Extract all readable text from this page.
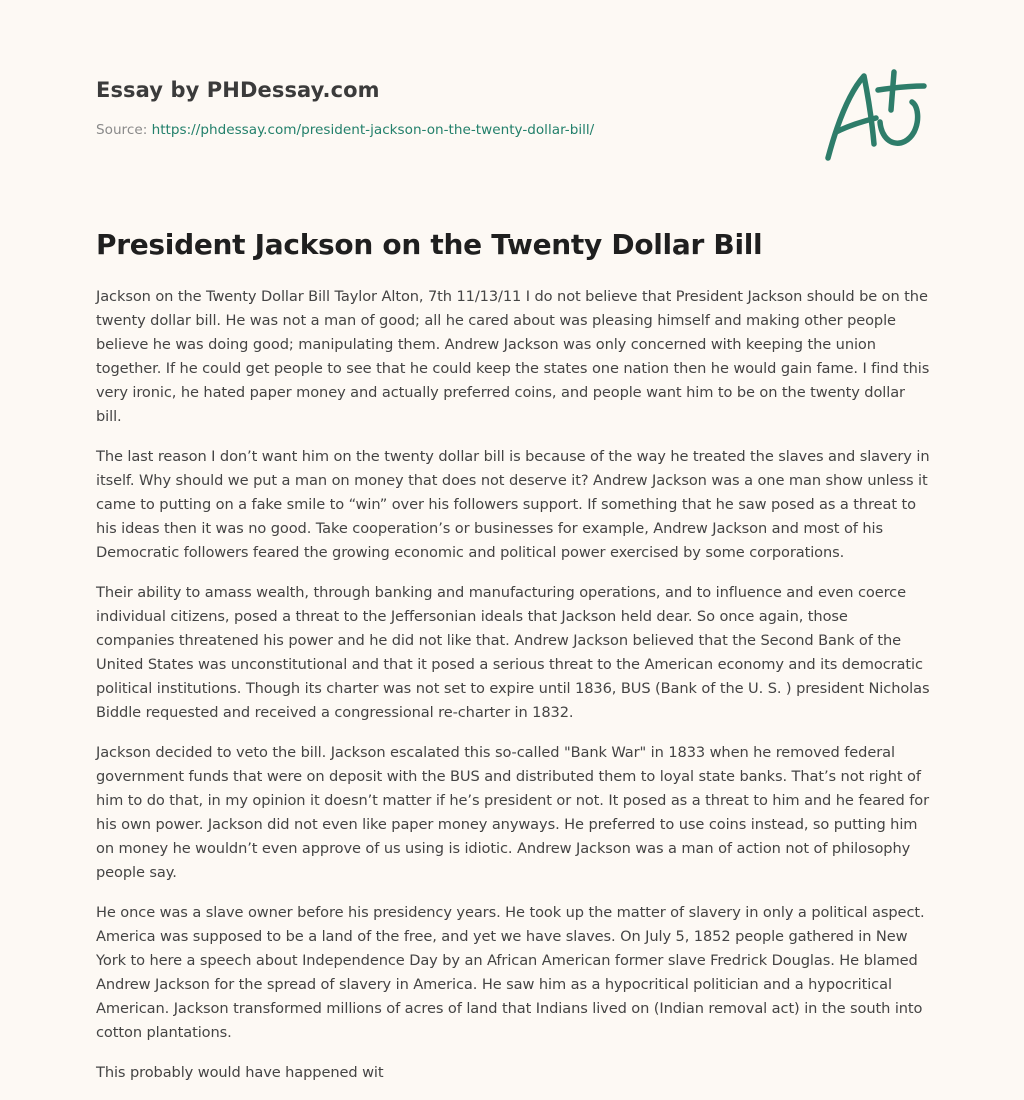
Essay by PHDessay.com
Source: https://phdessay.com/president-jackson-on-the-twenty-dollar-bill/
President Jackson on the Twenty Dollar Bill

Jackson on the Twenty Dollar Bill Taylor Alton, 7th 11/13/11 I do not believe that President Jackson should be on the twenty dollar bill. He was not a man of good; all he cared about was pleasing himself and making other people believe he was doing good; manipulating them. Andrew Jackson was only concerned with keeping the union together. If he could get people to see that he could keep the states one nation then he would gain fame. I find this very ironic, he hated paper money and actually preferred coins, and people want him to be on the twenty dollar bill.

The last reason I don’t want him on the twenty dollar bill is because of the way he treated the slaves and slavery in itself. Why should we put a man on money that does not deserve it? Andrew Jackson was a one man show unless it came to putting on a fake smile to “win” over his followers support. If something that he saw posed as a threat to his ideas then it was no good. Take cooperation’s or businesses for example, Andrew Jackson and most of his Democratic followers feared the growing economic and political power exercised by some corporations.

Their ability to amass wealth, through banking and manufacturing operations, and to influence and even coerce individual citizens, posed a threat to the Jeffersonian ideals that Jackson held dear. So once again, those companies threatened his power and he did not like that. Andrew Jackson believed that the Second Bank of the United States was unconstitutional and that it posed a serious threat to the American economy and its democratic political institutions. Though its charter was not set to expire until 1836, BUS (Bank of the U. S. ) president Nicholas Biddle requested and received a congressional re-charter in 1832.

Jackson decided to veto the bill. Jackson escalated this so-called "Bank War" in 1833 when he removed federal government funds that were on deposit with the BUS and distributed them to loyal state banks. That’s not right of him to do that, in my opinion it doesn’t matter if he’s president or not. It posed as a threat to him and he feared for his own power. Jackson did not even like paper money anyways. He preferred to use coins instead, so putting him on money he wouldn’t even approve of us using is idiotic. Andrew Jackson was a man of action not of philosophy people say.

He once was a slave owner before his presidency years. He took up the matter of slavery in only a political aspect. America was supposed to be a land of the free, and yet we have slaves. On July 5, 1852 people gathered in New York to here a speech about Independence Day by an African American former slave Fredrick Douglas. He blamed Andrew Jackson for the spread of slavery in America. He saw him as a hypocritical politician and a hypocritical American. Jackson transformed millions of acres of land that Indians lived on (Indian removal act) in the south into cotton plantations.

This probably would have happened wit
